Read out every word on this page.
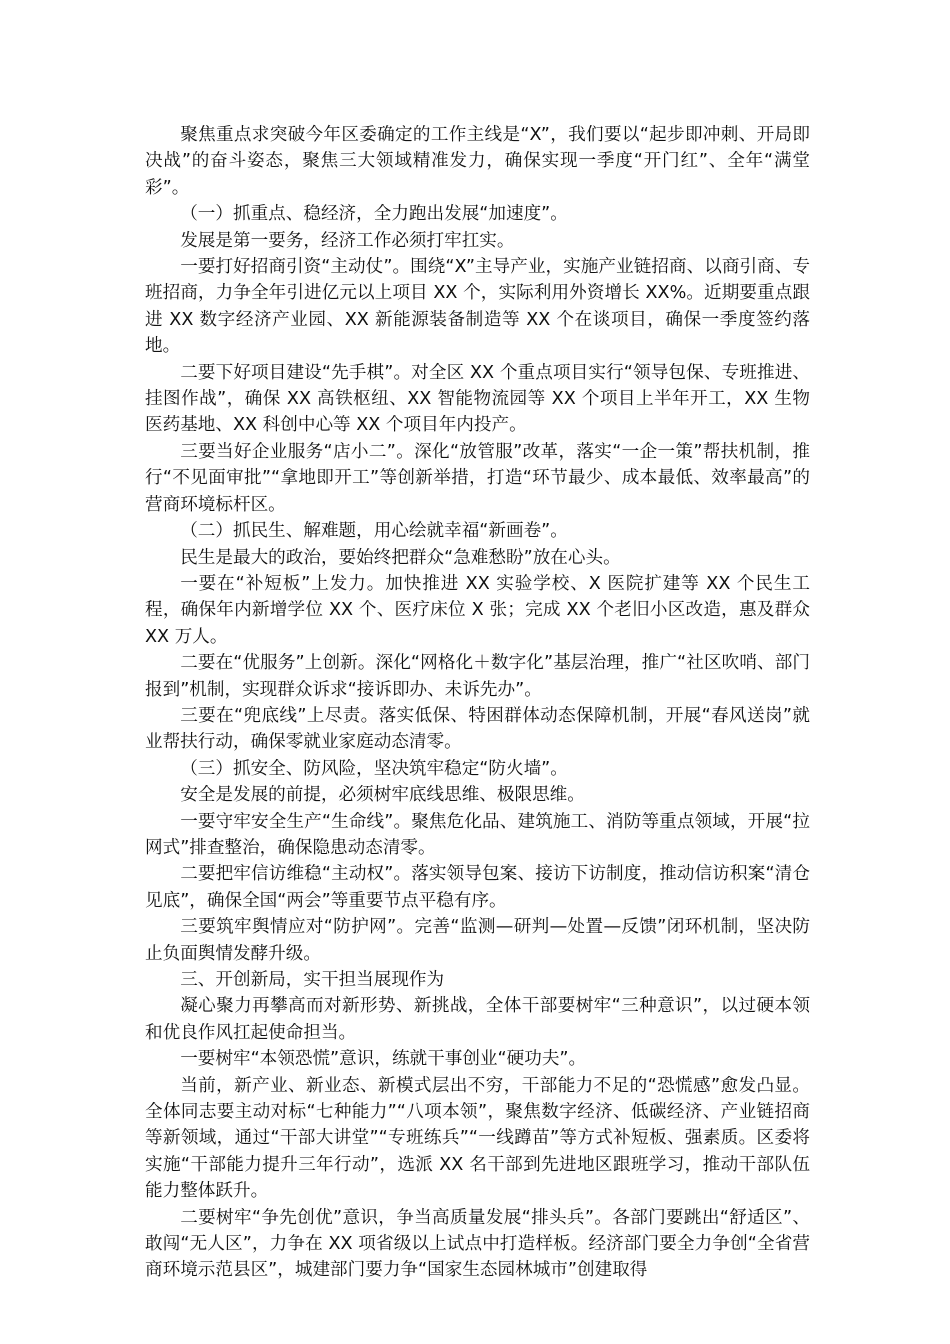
聚焦重点求突破今年区委确定的工作主线是“X”，我们要以“起步即冲刺、开局即决战”的奋斗姿态，聚焦三大领域精准发力，确保实现一季度“开门红”、全年“满堂彩”。

（一）抓重点、稳经济，全力跑出发展“加速度”。

发展是第一要务，经济工作必须打牢扛实。

一要打好招商引资“主动仗”。围绕“X”主导产业，实施产业链招商、以商引商、专班招商，力争全年引进亿元以上项目 XX 个，实际利用外资增长 XX%。近期要重点跟进 XX 数字经济产业园、XX 新能源装备制造等 XX 个在谈项目，确保一季度签约落地。

二要下好项目建设“先手棋”。对全区 XX 个重点项目实行“领导包保、专班推进、挂图作战”，确保 XX 高铁枢纽、XX 智能物流园等 XX 个项目上半年开工，XX 生物医药基地、XX 科创中心等 XX 个项目年内投产。

三要当好企业服务“店小二”。深化“放管服”改革，落实“一企一策”帮扶机制，推行“不见面审批”“拿地即开工”等创新举措，打造“环节最少、成本最低、效率最高”的营商环境标杆区。

（二）抓民生、解难题，用心绘就幸福“新画卷”。

民生是最大的政治，要始终把群众“急难愁盼”放在心头。

一要在“补短板”上发力。加快推进 XX 实验学校、X 医院扩建等 XX 个民生工程，确保年内新增学位 XX 个、医疗床位 X 张；完成 XX 个老旧小区改造，惠及群众 XX 万人。

二要在“优服务”上创新。深化“网格化＋数字化”基层治理，推广“社区吹哨、部门报到”机制，实现群众诉求“接诉即办、未诉先办”。

三要在“兜底线”上尽责。落实低保、特困群体动态保障机制，开展“春风送岗”就业帮扶行动，确保零就业家庭动态清零。

（三）抓安全、防风险，坚决筑牢稳定“防火墙”。

安全是发展的前提，必须树牢底线思维、极限思维。

一要守牢安全生产“生命线”。聚焦危化品、建筑施工、消防等重点领域，开展“拉网式”排查整治，确保隐患动态清零。

二要把牢信访维稳“主动权”。落实领导包案、接访下访制度，推动信访积案“清仓见底”，确保全国“两会”等重要节点平稳有序。

三要筑牢舆情应对“防护网”。完善“监测—研判—处置—反馈”闭环机制，坚决防止负面舆情发酵升级。

三、开创新局，实干担当展现作为

凝心聚力再攀高而对新形势、新挑战，全体干部要树牢“三种意识”，以过硬本领和优良作风扛起使命担当。

一要树牢“本领恐慌”意识，练就干事创业“硬功夫”。

当前，新产业、新业态、新模式层出不穷，干部能力不足的“恐慌感”愈发凸显。全体同志要主动对标“七种能力”“八项本领”，聚焦数字经济、低碳经济、产业链招商等新领域，通过“干部大讲堂”“专班练兵”“一线蹲苗”等方式补短板、强素质。区委将实施“干部能力提升三年行动”，选派 XX 名干部到先进地区跟班学习，推动干部队伍能力整体跃升。

二要树牢“争先创优”意识，争当高质量发展“排头兵”。各部门要跳出“舒适区”、敢闯“无人区”，力争在 XX 项省级以上试点中打造样板。经济部门要全力争创“全省营商环境示范县区”，城建部门要力争“国家生态园林城市”创建取得
